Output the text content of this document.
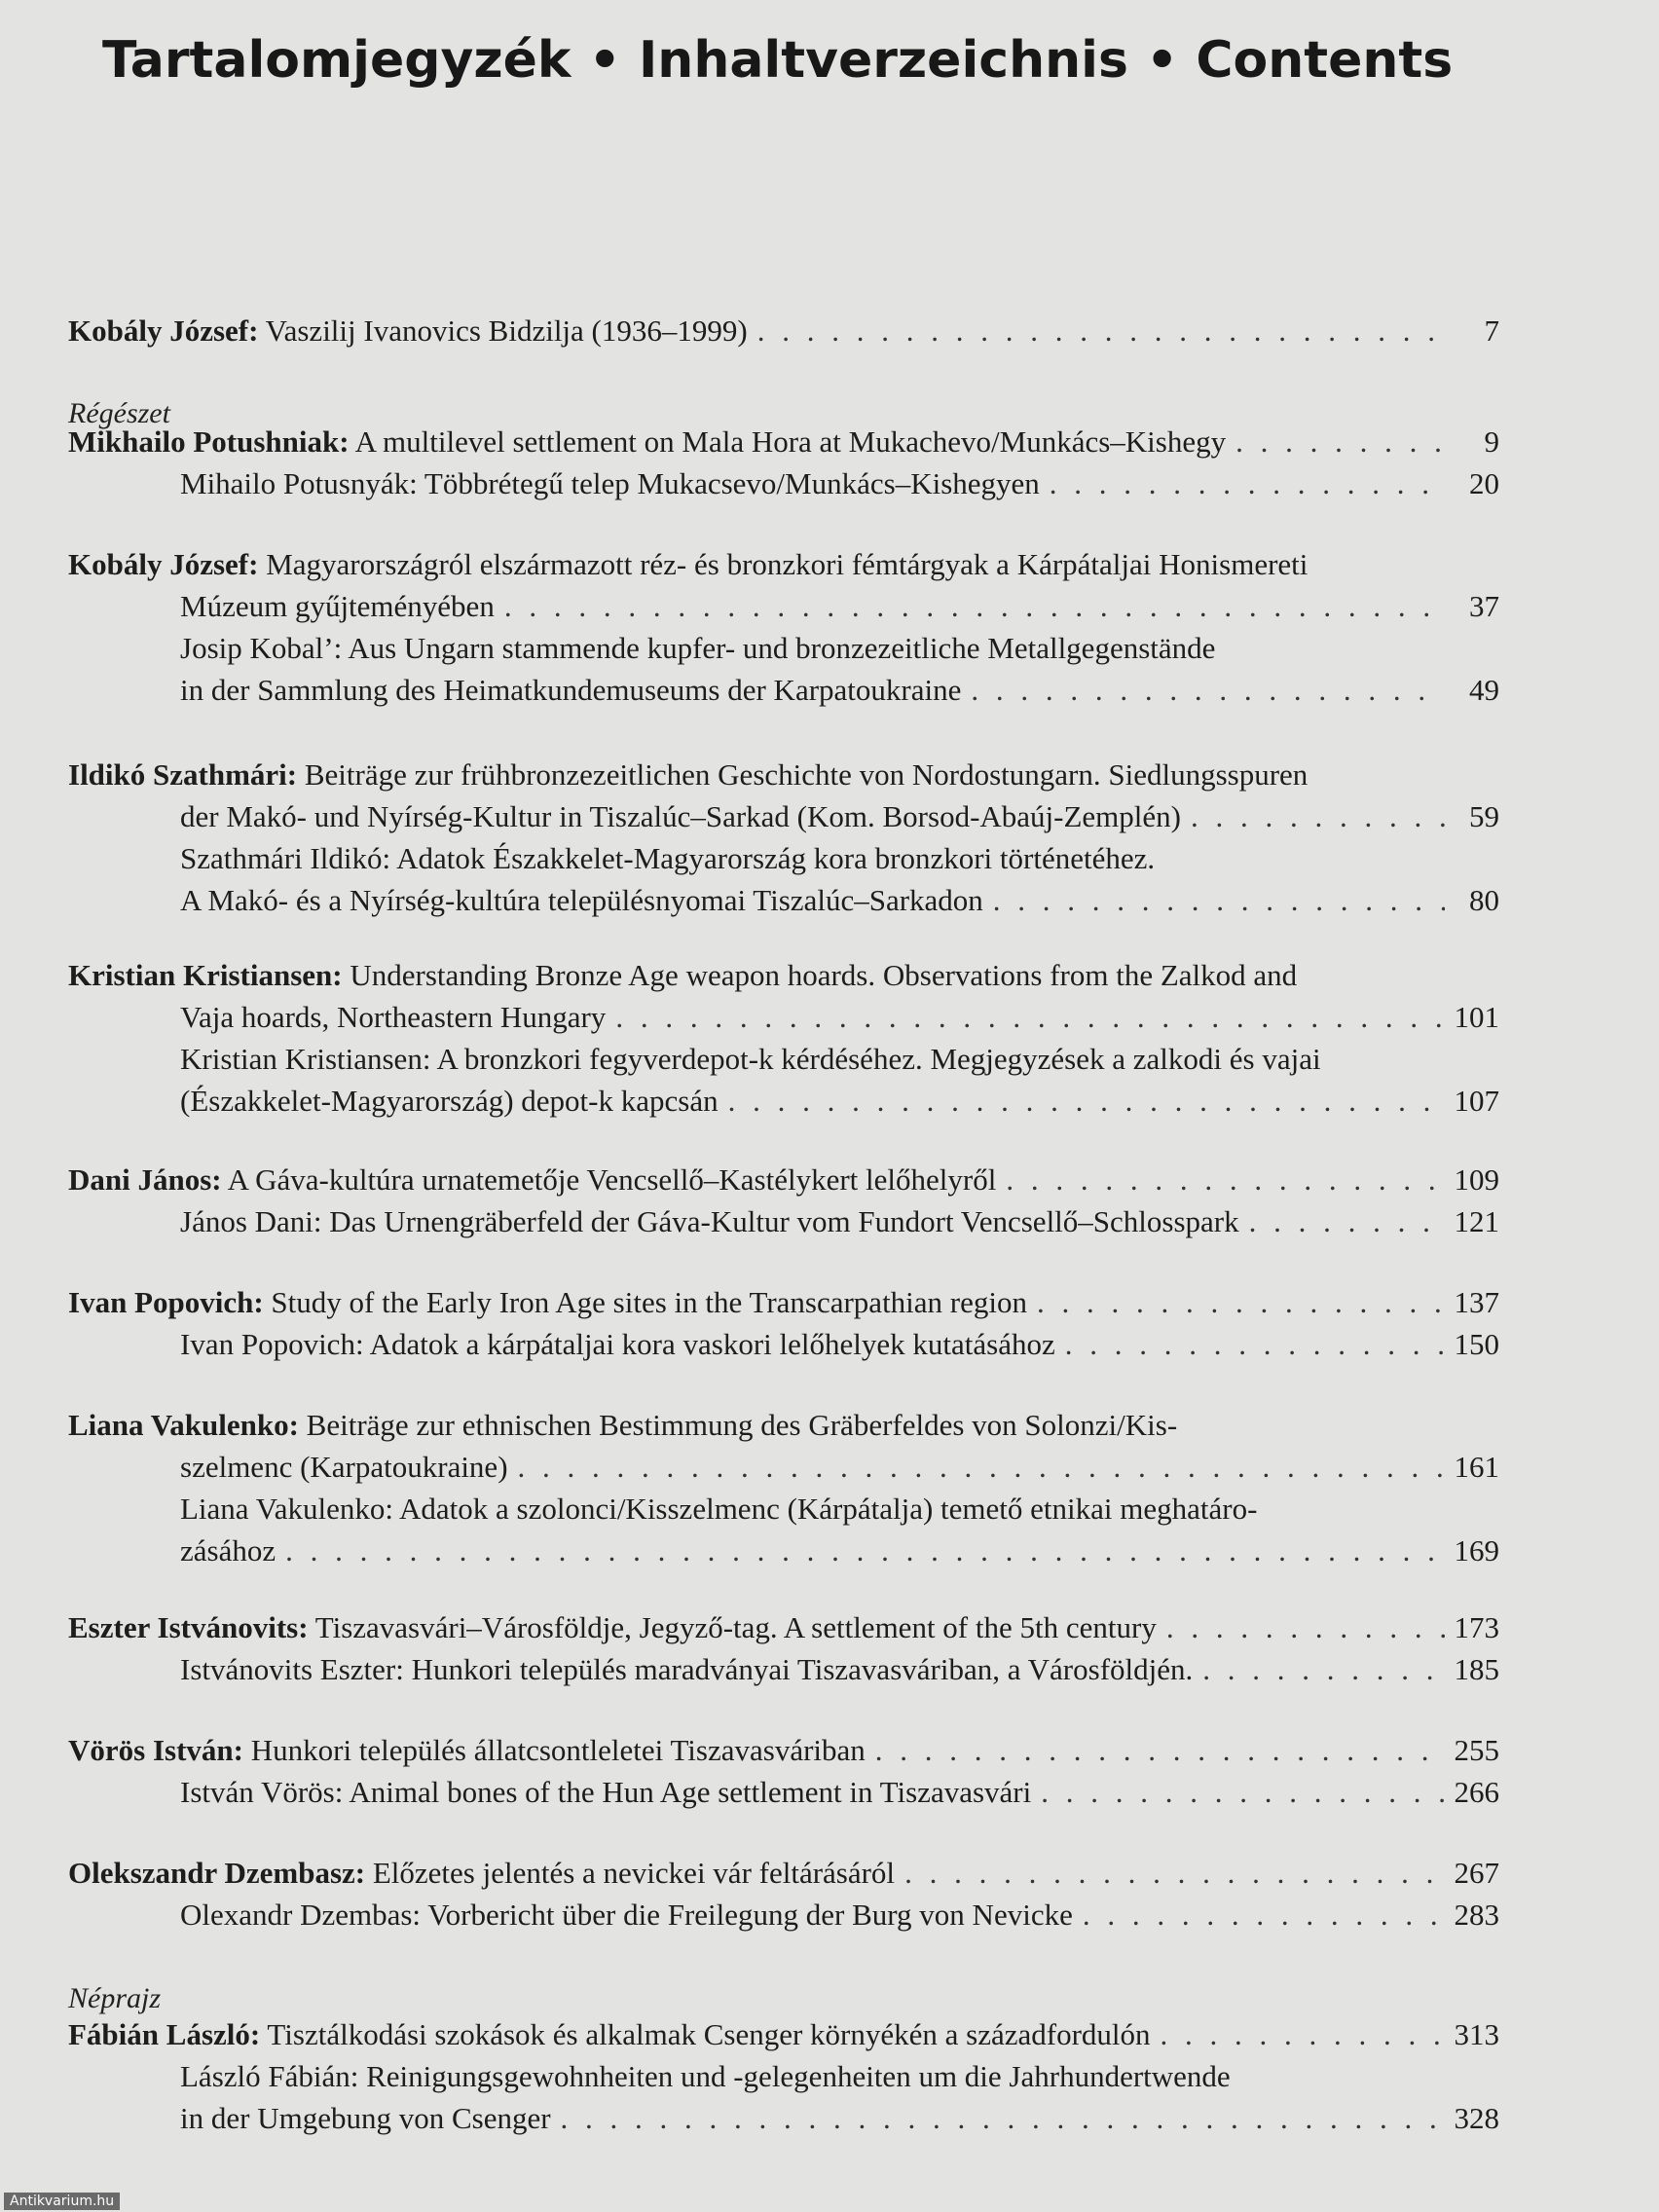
Tartalomjegyzék • Inhaltverzeichnis • Contents
Régészet
Néprajz
Kobály József: Vaszilij Ivanovics Bidzilja (1936–1999) . . .	7
Mikhailo Potushniak: A multilevel settlement on Mala Hora at Mukachevo/Munkács–Kishegy . . .	9
Mihailo Potusnyák: Többrétegű telep Mukacsevo/Munkács–Kishegyen . . .	20
Kobály József: Magyarországról elszármazott réz- és bronzkori fémtárgyak a Kárpátaljai Honismereti
Múzeum gyűjteményében . . .	37
Josip Kobal’: Aus Ungarn stammende kupfer- und bronzezeitliche Metallgegenstände
in der Sammlung des Heimatkundemuseums der Karpatoukraine . . .	49
Ildikó Szathmári: Beiträge zur frühbronzezeitlichen Geschichte von Nordostungarn. Siedlungsspuren
der Makó- und Nyírség-Kultur in Tiszalúc–Sarkad (Kom. Borsod-Abaúj-Zemplén) . . .	59
Szathmári Ildikó: Adatok Északkelet-Magyarország kora bronzkori történetéhez.
A Makó- és a Nyírség-kultúra településnyomai Tiszalúc–Sarkadon . . .	80
Kristian Kristiansen: Understanding Bronze Age weapon hoards. Observations from the Zalkod and
Vaja hoards, Northeastern Hungary . . .	101
Kristian Kristiansen: A bronzkori fegyverdepot-k kérdéséhez. Megjegyzések a zalkodi és vajai
(Északkelet-Magyarország) depot-k kapcsán . . .	107
Dani János: A Gáva-kultúra urnatemetője Vencsellő–Kastélykert lelőhelyről . . .	109
János Dani: Das Urnengräberfeld der Gáva-Kultur vom Fundort Vencsellő–Schlosspark . . .	121
Ivan Popovich: Study of the Early Iron Age sites in the Transcarpathian region . . .	137
Ivan Popovich: Adatok a kárpátaljai kora vaskori lelőhelyek kutatásához . . .	150
Liana Vakulenko: Beiträge zur ethnischen Bestimmung des Gräberfeldes von Solonzi/Kis-
szelmenc (Karpatoukraine) . . .	161
Liana Vakulenko: Adatok a szolonci/Kisszelmenc (Kárpátalja) temető etnikai meghatáro-
zásához . . .	169
Eszter Istvánovits: Tiszavasvári–Városföldje, Jegyző-tag. A settlement of the 5th century . . .	173
Istvánovits Eszter: Hunkori település maradványai Tiszavasváriban, a Városföldjén. . . .	185
Vörös István: Hunkori település állatcsontleletei Tiszavasváriban . . .	255
István Vörös: Animal bones of the Hun Age settlement in Tiszavasvári . . .	266
Olekszandr Dzembasz: Előzetes jelentés a nevickei vár feltárásáról . . .	267
Olexandr Dzembas: Vorbericht über die Freilegung der Burg von Nevicke . . .	283
Fábián László: Tisztálkodási szokások és alkalmak Csenger környékén a századfordulón . . .	313
László Fábián: Reinigungsgewohnheiten und -gelegenheiten um die Jahrhundertwende
in der Umgebung von Csenger . . .	328
Antikvarium.hu
